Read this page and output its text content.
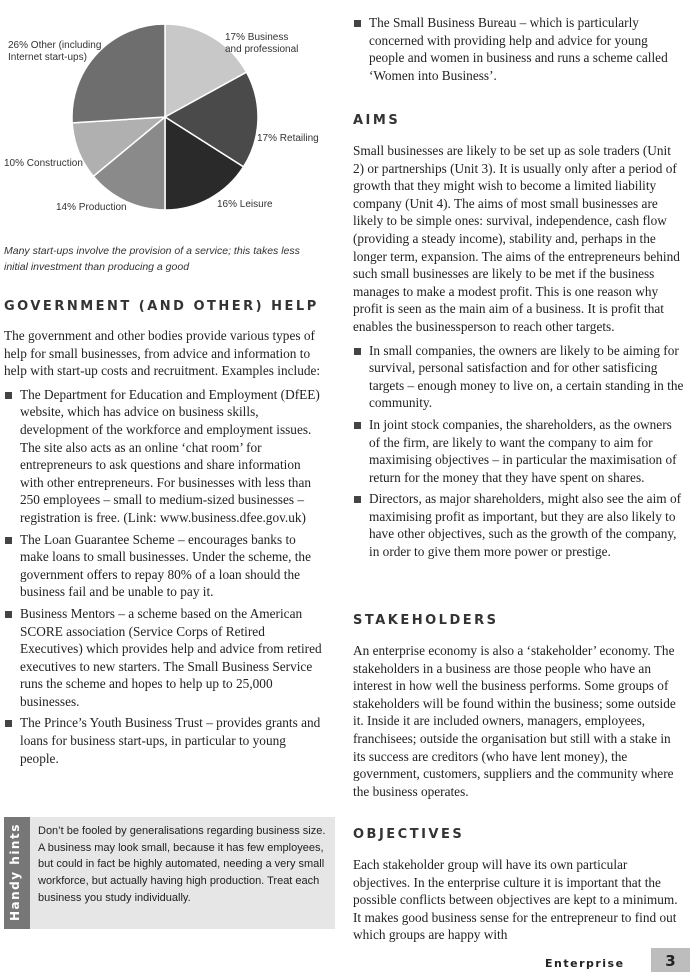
17% Business
and professional
17% Retailing
16% Leisure
14% Production
10% Construction
26% Other (including
Internet start-ups)
Many start-ups involve the provision of a service; this takes less initial investment than producing a good
GOVERNMENT (AND OTHER) HELP

The government and other bodies provide various types of help for small businesses, from advice and information to help with start-up costs and recruitment. Examples include:

The Department for Education and Employment (DfEE) website, which has advice on business skills, development of the workforce and employment issues. The site also acts as an online ‘chat room’ for entrepreneurs to ask questions and share information with other entrepreneurs. For businesses with less than 250 employees – small to medium-sized businesses – registration is free. (Link: www.business.dfee.gov.uk)
The Loan Guarantee Scheme – encourages banks to make loans to small businesses. Under the scheme, the government offers to repay 80% of a loan should the business fail and be unable to pay it.
Business Mentors – a scheme based on the American SCORE association (Service Corps of Retired Executives) which provides help and advice from retired executives to new starters. The Small Business Service runs the scheme and hopes to help up to 25,000 businesses.
The Prince’s Youth Business Trust – provides grants and loans for business start-ups, in particular to young people.
Handy hints Don’t be fooled by generalisations regarding business size. A business may look small, because it has few employees, but could in fact be highly automated, needing a very small workforce, but actually having high production. Treat each business you study individually.
The Small Business Bureau – which is particularly concerned with providing help and advice for young people and women in business and runs a scheme called ‘Women into Business’.
AIMS

Small businesses are likely to be set up as sole traders (Unit 2) or partnerships (Unit 3). It is usually only after a period of growth that they might wish to become a limited liability company (Unit 4). The aims of most small businesses are likely to be simple ones: survival, independence, cash flow (providing a steady income), stability and, perhaps in the longer term, expansion. The aims of the entrepreneurs behind such small businesses are likely to be met if the business manages to make a modest profit. This is one reason why profit is seen as the main aim of a business. It is profit that enables the businessperson to reach other targets.

In small companies, the owners are likely to be aiming for survival, personal satisfaction and for other satisficing targets – enough money to live on, a certain standing in the community.
In joint stock companies, the shareholders, as the owners of the firm, are likely to want the company to aim for maximising objectives – in particular the maximisation of return for the money that they have spent on shares.
Directors, as major shareholders, might also see the aim of maximising profit as important, but they are also likely to have other objectives, such as the growth of the company, in order to give them more power or prestige.
STAKEHOLDERS

An enterprise economy is also a ‘stakeholder’ economy. The stakeholders in a business are those people who have an interest in how well the business performs. Some groups of stakeholders will be found within the business; some outside it. Inside it are included owners, managers, employees, franchisees; outside the organisation but still with a stake in its success are creditors (who have lent money), the government, customers, suppliers and the community where the business operates.

OBJECTIVES

Each stakeholder group will have its own particular objectives. In the enterprise culture it is important that the possible conflicts between objectives are kept to a minimum. It makes good business sense for the entrepreneur to find out which groups are happy with

Enterprise	3
